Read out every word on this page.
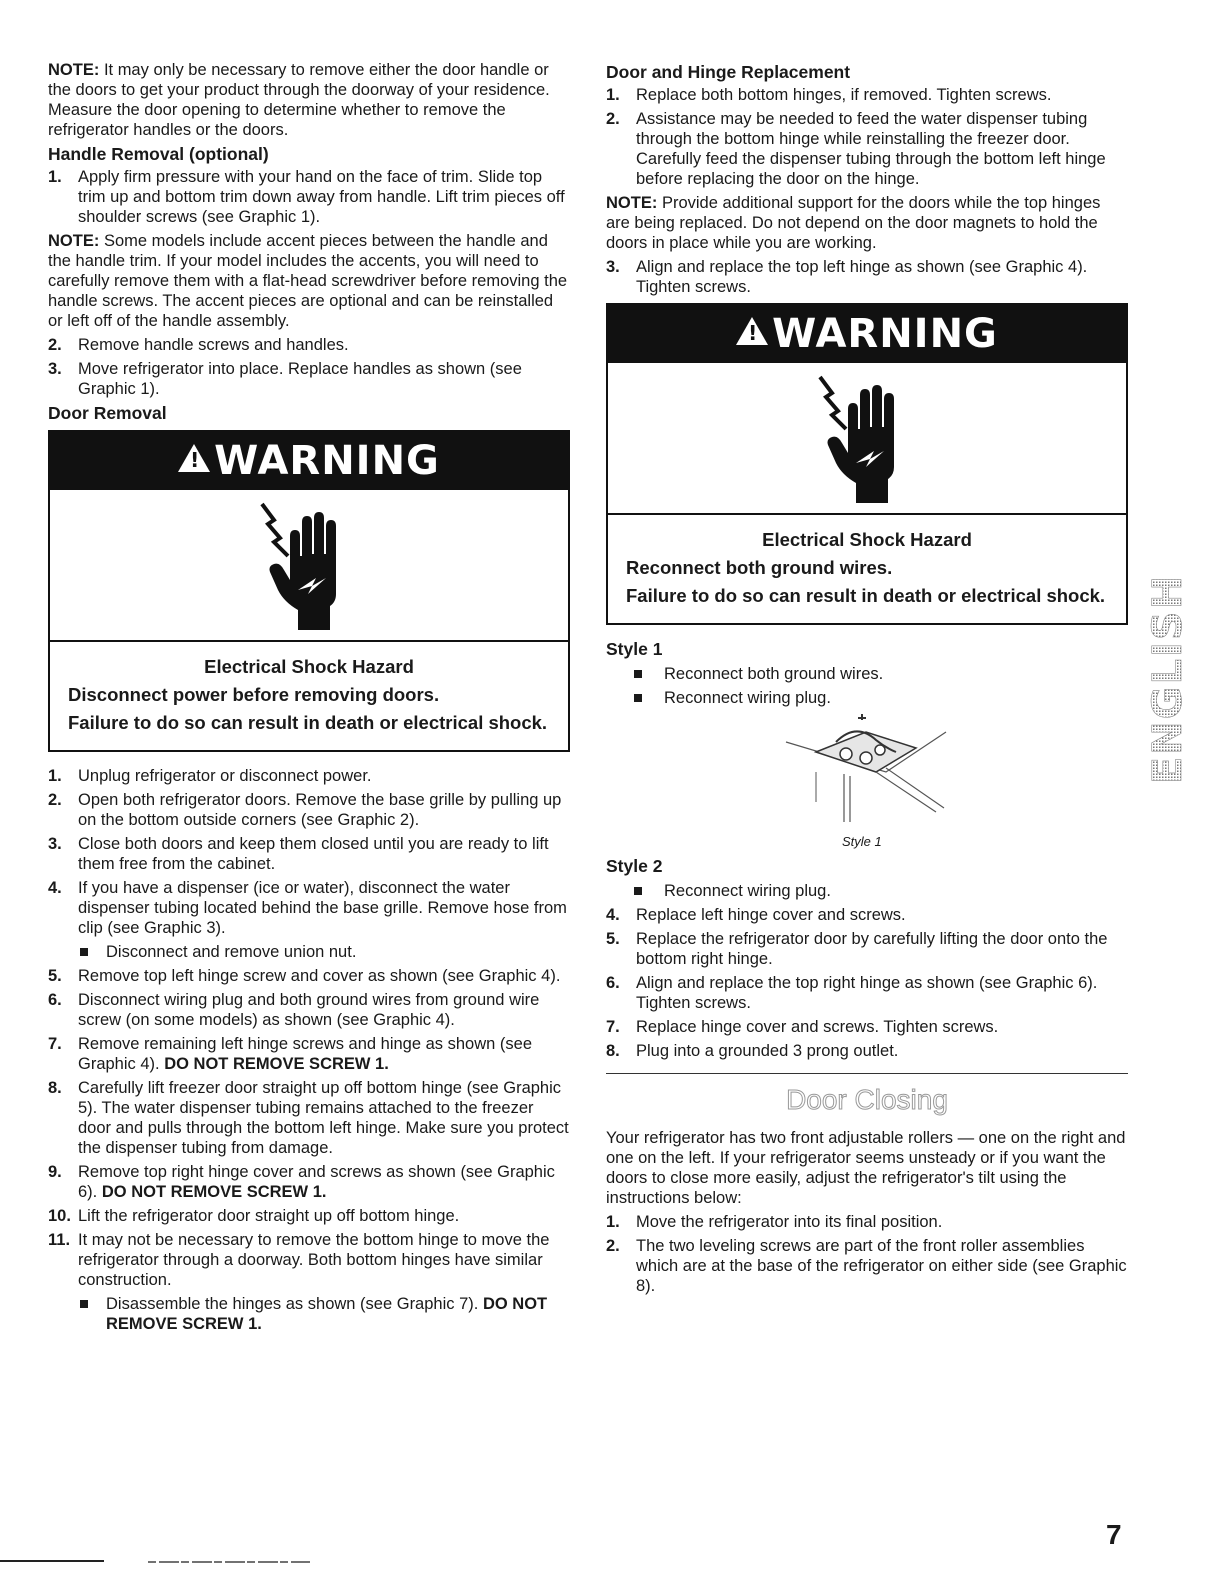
NOTE: It may only be necessary to remove either the door handle or the doors to get your product through the doorway of your residence. Measure the door opening to determine whether to remove the refrigerator handles or the doors.

Handle Removal (optional)
1. Apply firm pressure with your hand on the face of trim. Slide top trim up and bottom trim down away from handle. Lift trim pieces off shoulder screws (see Graphic 1).

NOTE: Some models include accent pieces between the handle and the handle trim. If your model includes the accents, you will need to carefully remove them with a flat-head screwdriver before removing the handle screws. The accent pieces are optional and can be reinstalled or left off of the handle assembly.

2. Remove handle screws and handles.
3. Move refrigerator into place. Replace handles as shown (see Graphic 1).
Door Removal
!WARNING
Electrical Shock Hazard
Disconnect power before removing doors.
Failure to do so can result in death or electrical shock.
1. Unplug refrigerator or disconnect power.
2. Open both refrigerator doors. Remove the base grille by pulling up on the bottom outside corners (see Graphic 2).
3. Close both doors and keep them closed until you are ready to lift them free from the cabinet.
4. If you have a dispenser (ice or water), disconnect the water dispenser tubing located behind the base grille. Remove hose from clip (see Graphic 3).
Disconnect and remove union nut.
5. Remove top left hinge screw and cover as shown (see Graphic 4).
6. Disconnect wiring plug and both ground wires from ground wire screw (on some models) as shown (see Graphic 4).
7. Remove remaining left hinge screws and hinge as shown (see Graphic 4). DO NOT REMOVE SCREW 1.
8. Carefully lift freezer door straight up off bottom hinge (see Graphic 5). The water dispenser tubing remains attached to the freezer door and pulls through the bottom left hinge. Make sure you protect the dispenser tubing from damage.
9. Remove top right hinge cover and screws as shown (see Graphic 6). DO NOT REMOVE SCREW 1.
10. Lift the refrigerator door straight up off bottom hinge.
11. It may not be necessary to remove the bottom hinge to move the refrigerator through a doorway. Both bottom hinges have similar construction.
Disassemble the hinges as shown (see Graphic 7). DO NOT REMOVE SCREW 1.
Door and Hinge Replacement
1. Replace both bottom hinges, if removed. Tighten screws.
2. Assistance may be needed to feed the water dispenser tubing through the bottom hinge while reinstalling the freezer door. Carefully feed the dispenser tubing through the bottom left hinge before replacing the door on the hinge.

NOTE: Provide additional support for the doors while the top hinges are being replaced. Do not depend on the door magnets to hold the doors in place while you are working.

3. Align and replace the top left hinge as shown (see Graphic 4). Tighten screws.
!WARNING
Electrical Shock Hazard
Reconnect both ground wires.
Failure to do so can result in death or electrical shock.
Style 1
Reconnect both ground wires.
Reconnect wiring plug.
Style 1
Style 2
Reconnect wiring plug.
4. Replace left hinge cover and screws.
5. Replace the refrigerator door by carefully lifting the door onto the bottom right hinge.
6. Align and replace the top right hinge as shown (see Graphic 6). Tighten screws.
7. Replace hinge cover and screws. Tighten screws.
8. Plug into a grounded 3 prong outlet.
Door Closing

Your refrigerator has two front adjustable rollers — one on the right and one on the left. If your refrigerator seems unsteady or if you want the doors to close more easily, adjust the refrigerator's tilt using the instructions below:

1. Move the refrigerator into its final position.
2. The two leveling screws are part of the front roller assemblies which are at the base of the refrigerator on either side (see Graphic 8).
ENGLISH
7
